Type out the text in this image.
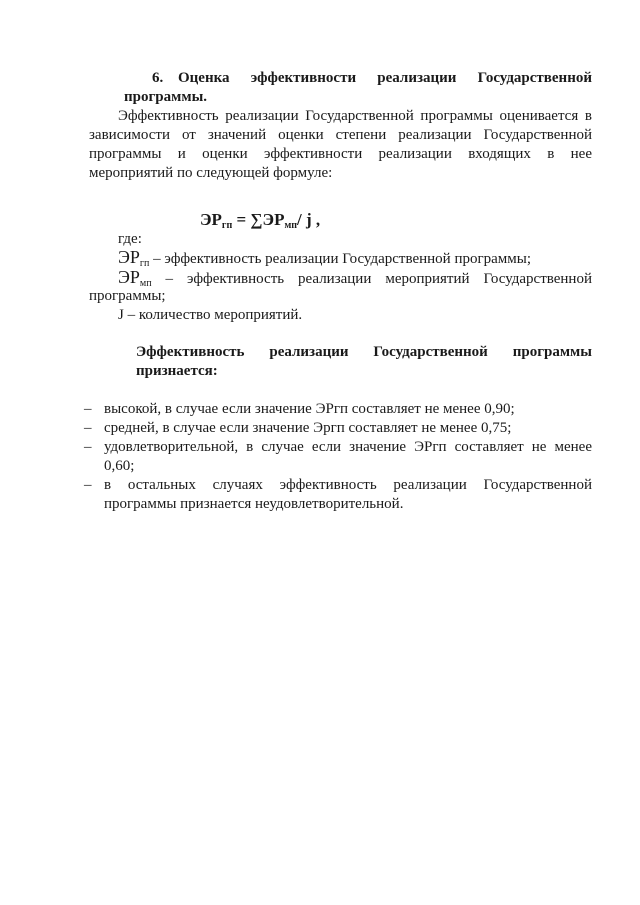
6. Оценка эффективности реализации Государственной
программы.
Эффективность реализации Государственной программы оценивается в
зависимости от значений оценки степени реализации Государственной
программы и оценки эффективности реализации входящих в нее
мероприятий по следующей формуле:
$ЭР_{гп} = \sum ЭР_{мп}/$ j ,
где:
$ЭР_{гп}$ – эффективность реализации Государственной программы;
$ЭР_{мп}$ – эффективность реализации мероприятий Государственной
программы;
J – количество мероприятий.
Эффективность реализации Государственной программы
признается:
– высокой, в случае если значение ЭРгп составляет не менее 0,90;
– средней, в случае если значение Эргп составляет не менее 0,75;
– удовлетворительной, в случае если значение ЭРгп составляет не менее
0,60;
– в остальных случаях эффективность реализации Государственной
программы признается неудовлетворительной.
